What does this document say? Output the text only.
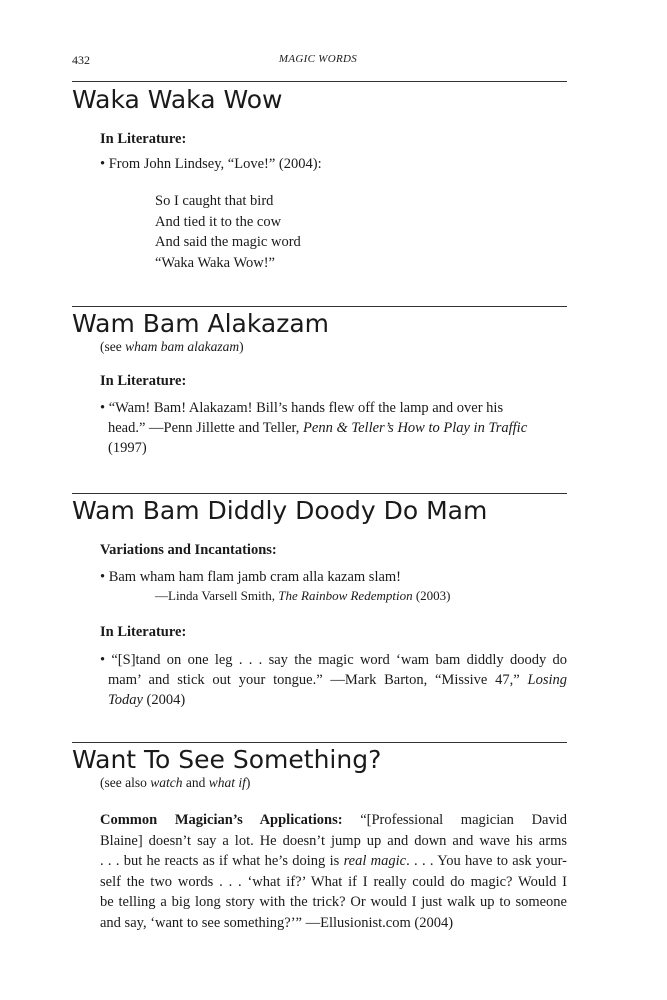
432	MAGIC WORDS
Waka Waka Wow
In Literature:
• From John Lindsey, “Love!” (2004):
So I caught that bird
And tied it to the cow
And said the magic word
“Waka Waka Wow!”
Wam Bam Alakazam
(see wham bam alakazam)
In Literature:
• “Wam! Bam! Alakazam! Bill’s hands flew off the lamp and over his
head.” —Penn Jillette and Teller, Penn & Teller’s How to Play in Traffic
(1997)
Wam Bam Diddly Doody Do Mam
Variations and Incantations:
• Bam wham ham flam jamb cram alla kazam slam!
—Linda Varsell Smith, The Rainbow Redemption (2003)
In Literature:
• “[S]tand on one leg . . . say the magic word ‘wam bam diddly doody do
mam’ and stick out your tongue.” —Mark Barton, “Missive 47,” Losing
Today (2004)
Want To See Something?
(see also watch and what if)
Common Magician’s Applications: “[Professional magician David
Blaine] doesn’t say a lot. He doesn’t jump up and down and wave his arms
. . . but he reacts as if what he’s doing is real magic. . . . You have to ask your-
self the two words . . . ‘what if?’ What if I really could do magic? Would I
be telling a big long story with the trick? Or would I just walk up to someone
and say, ‘want to see something?’” —Ellusionist.com (2004)
